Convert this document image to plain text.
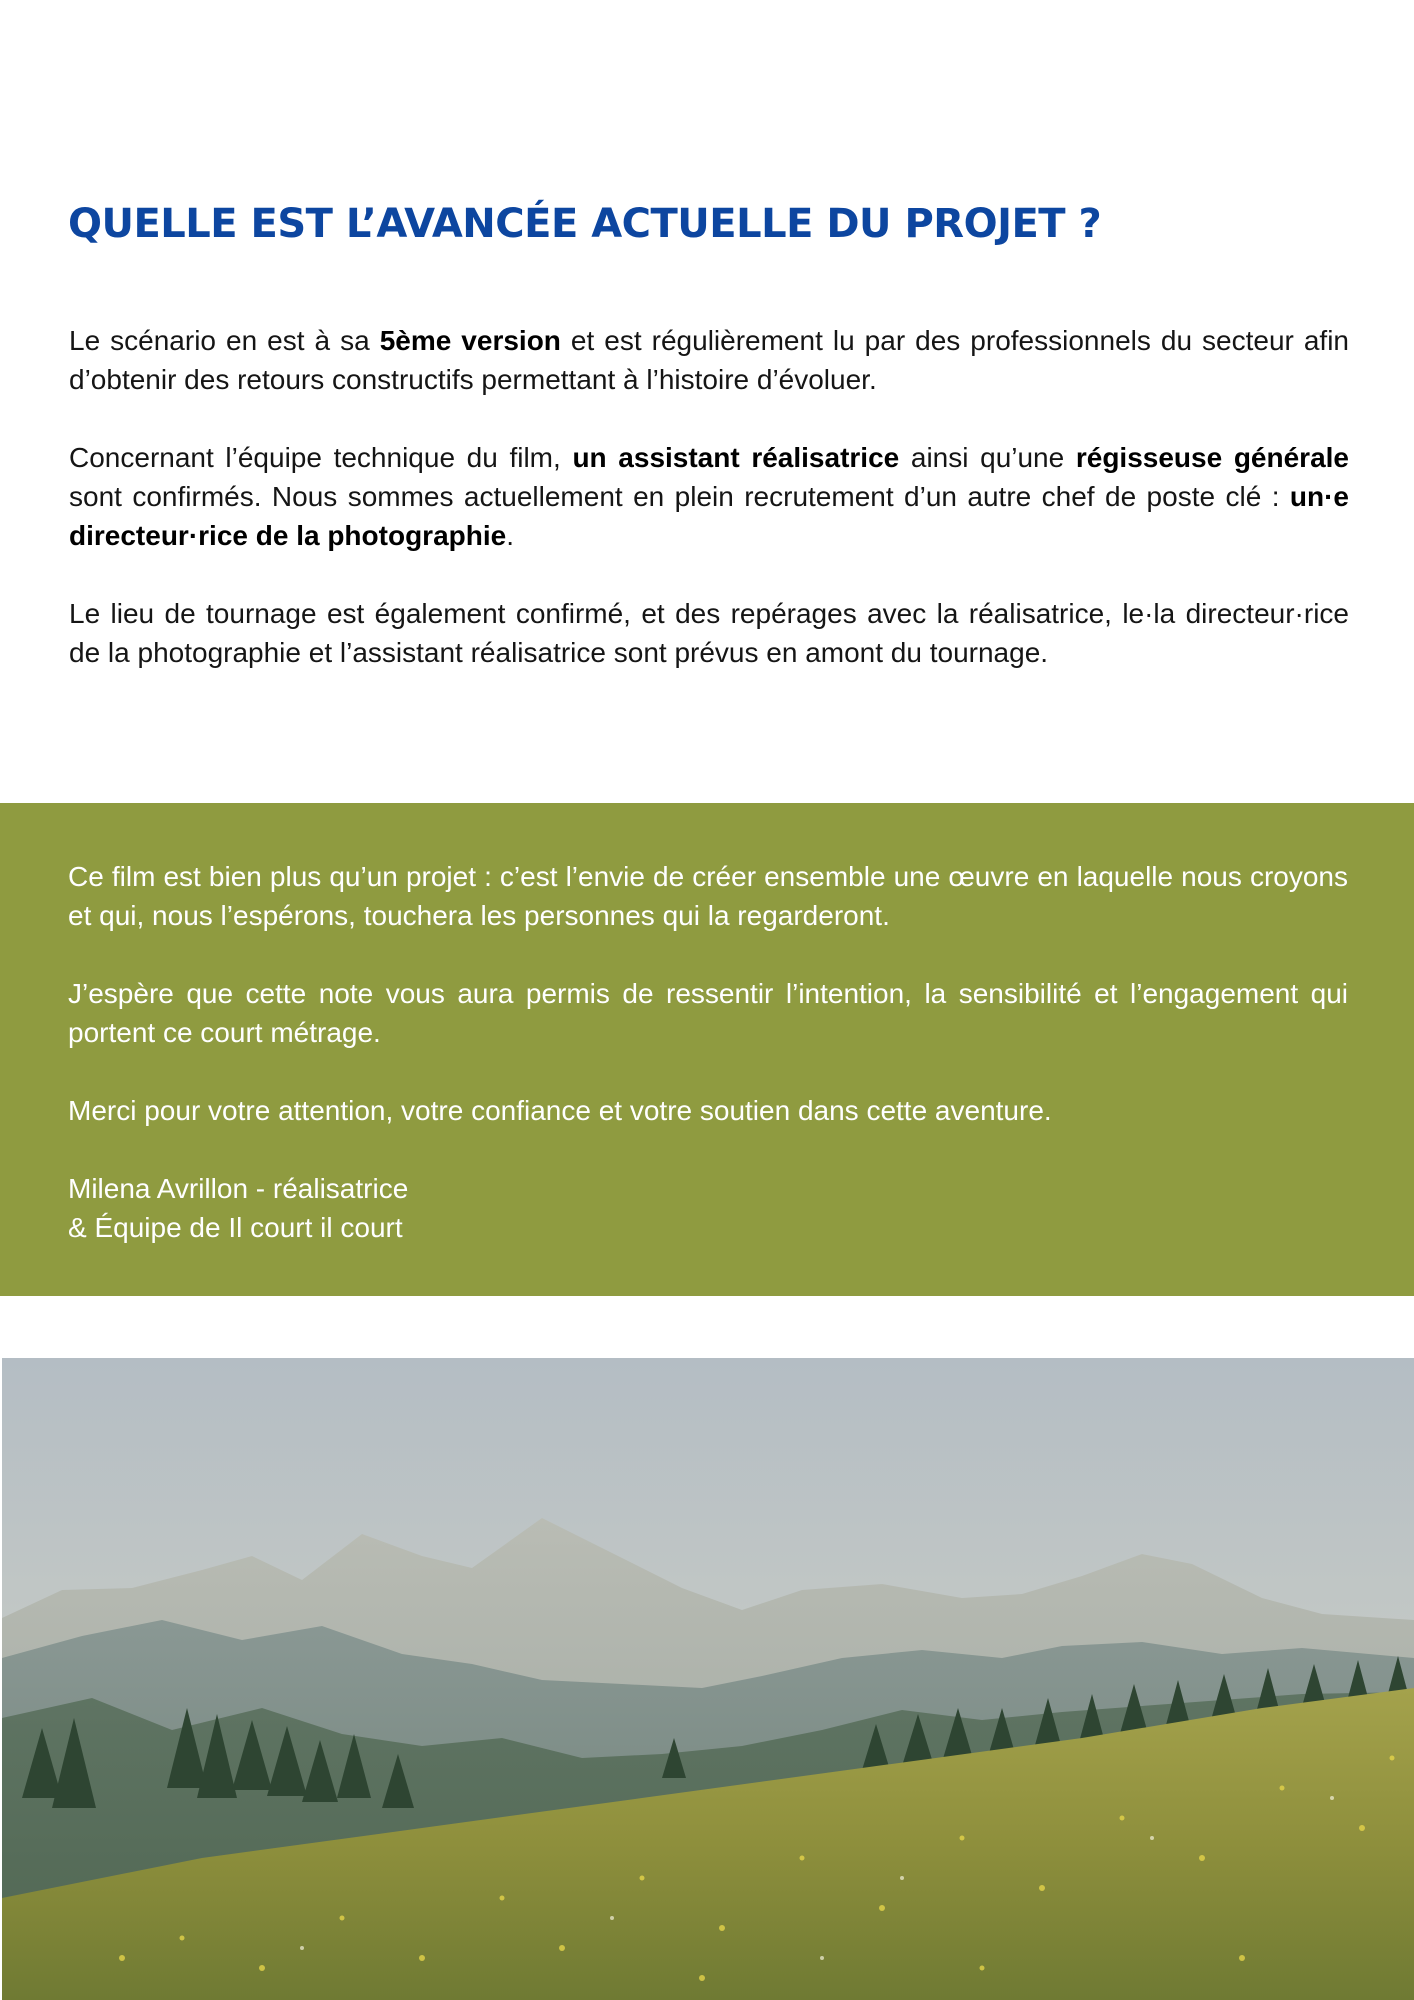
QUELLE EST L’AVANCÉE ACTUELLE DU PROJET ?

Le scénario en est à sa 5ème version et est régulièrement lu par des professionnels du secteur afin d’obtenir des retours constructifs permettant à l’histoire d’évoluer.

Concernant l’équipe technique du film, un assistant réalisatrice ainsi qu’une régisseuse générale sont confirmés. Nous sommes actuellement en plein recrutement d’un autre chef de poste clé : un·e directeur·rice de la photographie.

Le lieu de tournage est également confirmé, et des repérages avec la réalisatrice, le·la directeur·rice de la photographie et l’assistant réalisatrice sont prévus en amont du tournage.

Ce film est bien plus qu’un projet : c’est l’envie de créer ensemble une œuvre en laquelle nous croyons et qui, nous l’espérons, touchera les personnes qui la regarderont.

J’espère que cette note vous aura permis de ressentir l’intention, la sensibilité et l’engagement qui portent ce court métrage.

Merci pour votre attention, votre confiance et votre soutien dans cette aventure.

Milena Avrillon - réalisatrice
& Équipe de Il court il court
